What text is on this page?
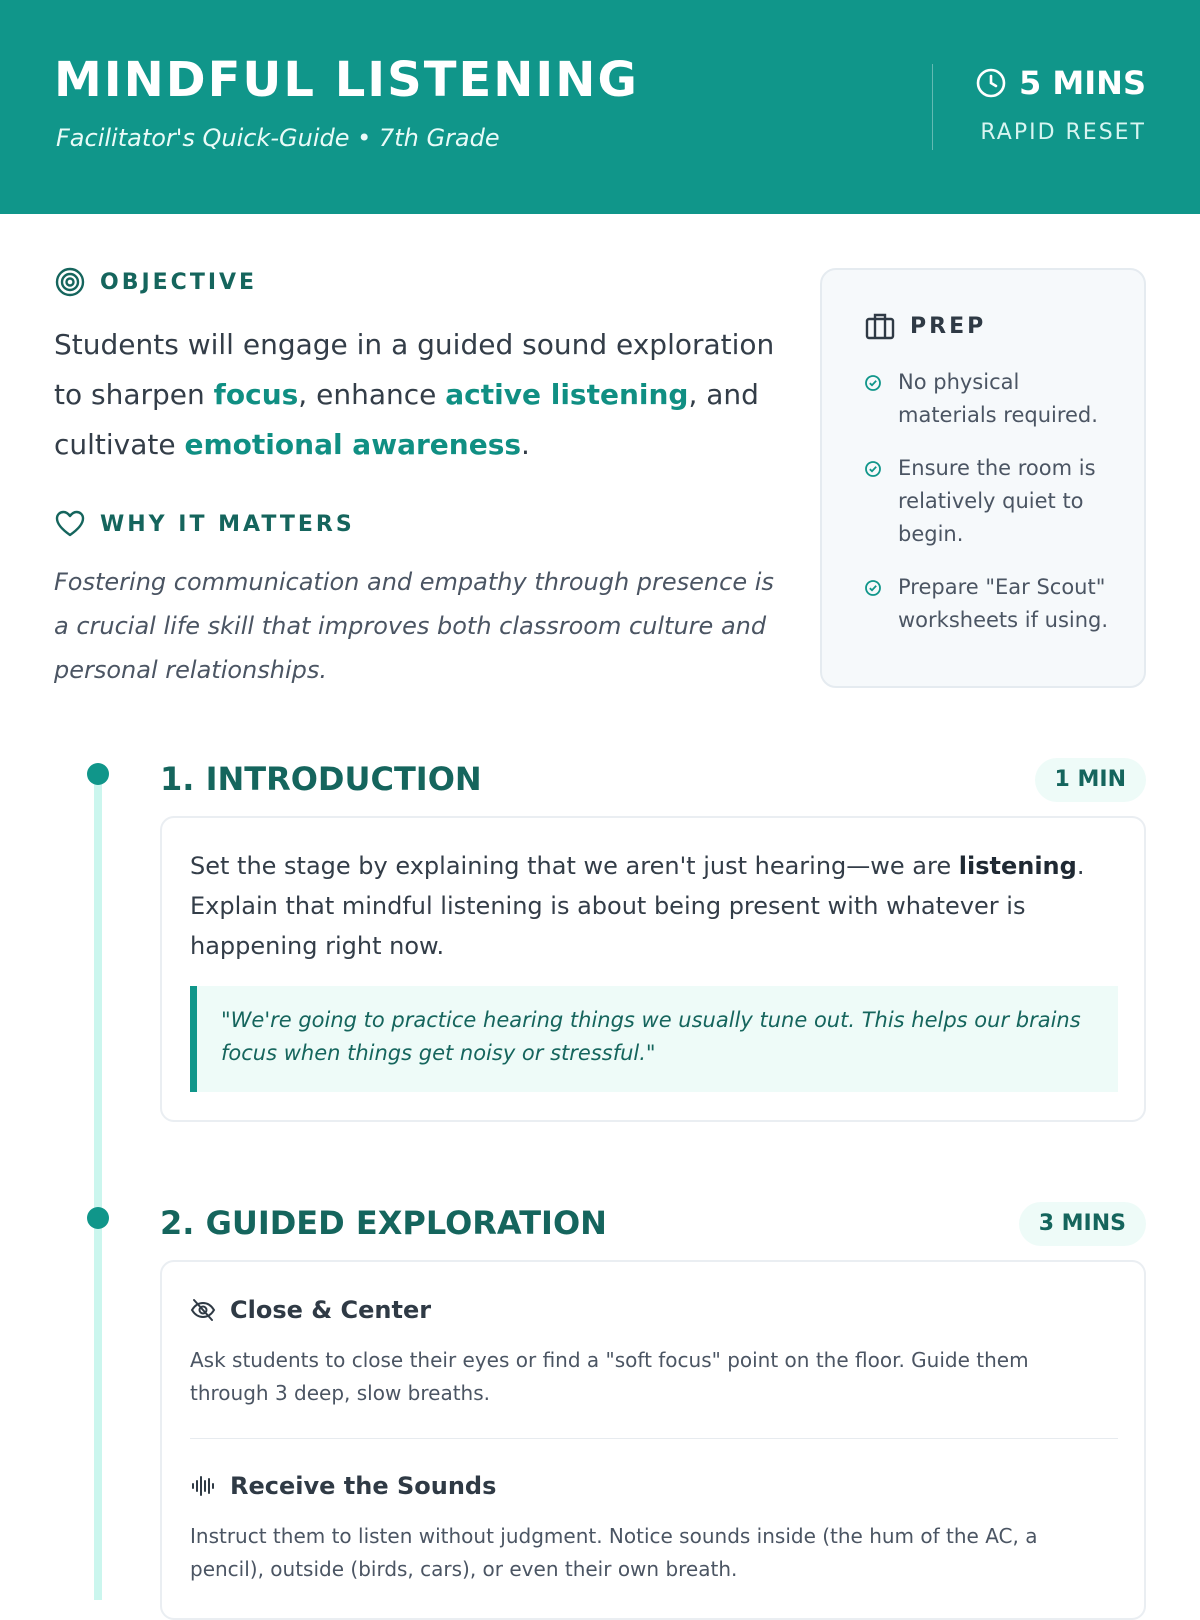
MINDFUL LISTENING
Facilitator's Quick-Guide • 7th Grade
5 MINS
RAPID RESET
OBJECTIVE
Students will engage in a guided sound exploration to sharpen focus, enhance active listening, and cultivate emotional awareness.
WHY IT MATTERS
Fostering communication and empathy through presence is a crucial life skill that improves both classroom culture and personal relationships.
PREP
No physical materials required.
Ensure the room is relatively quiet to begin.
Prepare "Ear Scout" worksheets if using.
1. INTRODUCTION	1 MIN
Set the stage by explaining that we aren't just hearing—we are listening. Explain that mindful listening is about being present with whatever is happening right now.
"We're going to practice hearing things we usually tune out. This helps our brains focus when things get noisy or stressful."
2. GUIDED EXPLORATION	3 MINS
Close & Center
Ask students to close their eyes or find a "soft focus" point on the floor. Guide them through 3 deep, slow breaths.
Receive the Sounds
Instruct them to listen without judgment. Notice sounds inside (the hum of the AC, a pencil), outside (birds, cars), or even their own breath.
